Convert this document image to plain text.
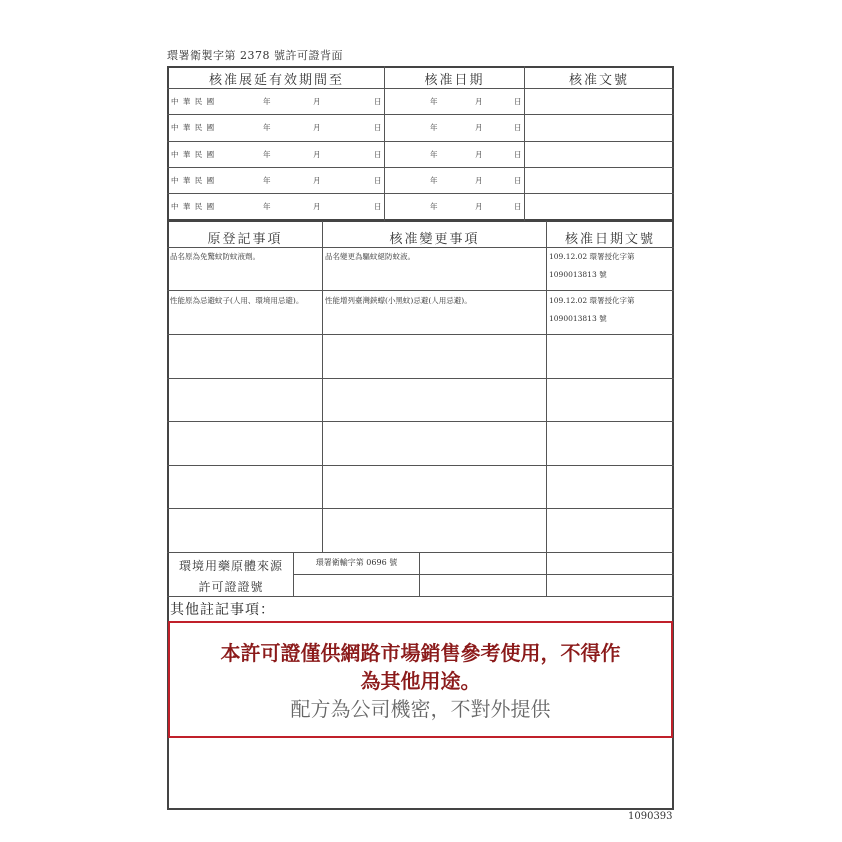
環署衛製字第 2378 號許可證背面
核准展延有效期間至	核准日期	核准文號
中 華 民 國	年	月	日	年	月	日
中 華 民 國	年	月	日	年	月	日
中 華 民 國	年	月	日	年	月	日
中 華 民 國	年	月	日	年	月	日
中 華 民 國	年	月	日	年	月	日
原登記事項	核准變更事項	核准日期文號
品名原為免驚蚊防蚊液劑。	品名變更為驅蚊絕防蚊液。	109.12.02 環署授化字第
1090013813 號
性能原為忌避蚊子(人用、環境用忌避)。	性能增列臺灣鋏蠓(小黑蚊)忌避(人用忌避)。	109.12.02 環署授化字第
1090013813 號
環境用藥原體來源
許可證證號
環署衛輸字第 0696 號
其他註記事項：
本許可證僅供網路市場銷售參考使用，不得作
為其他用途。
配方為公司機密，不對外提供
1090393
